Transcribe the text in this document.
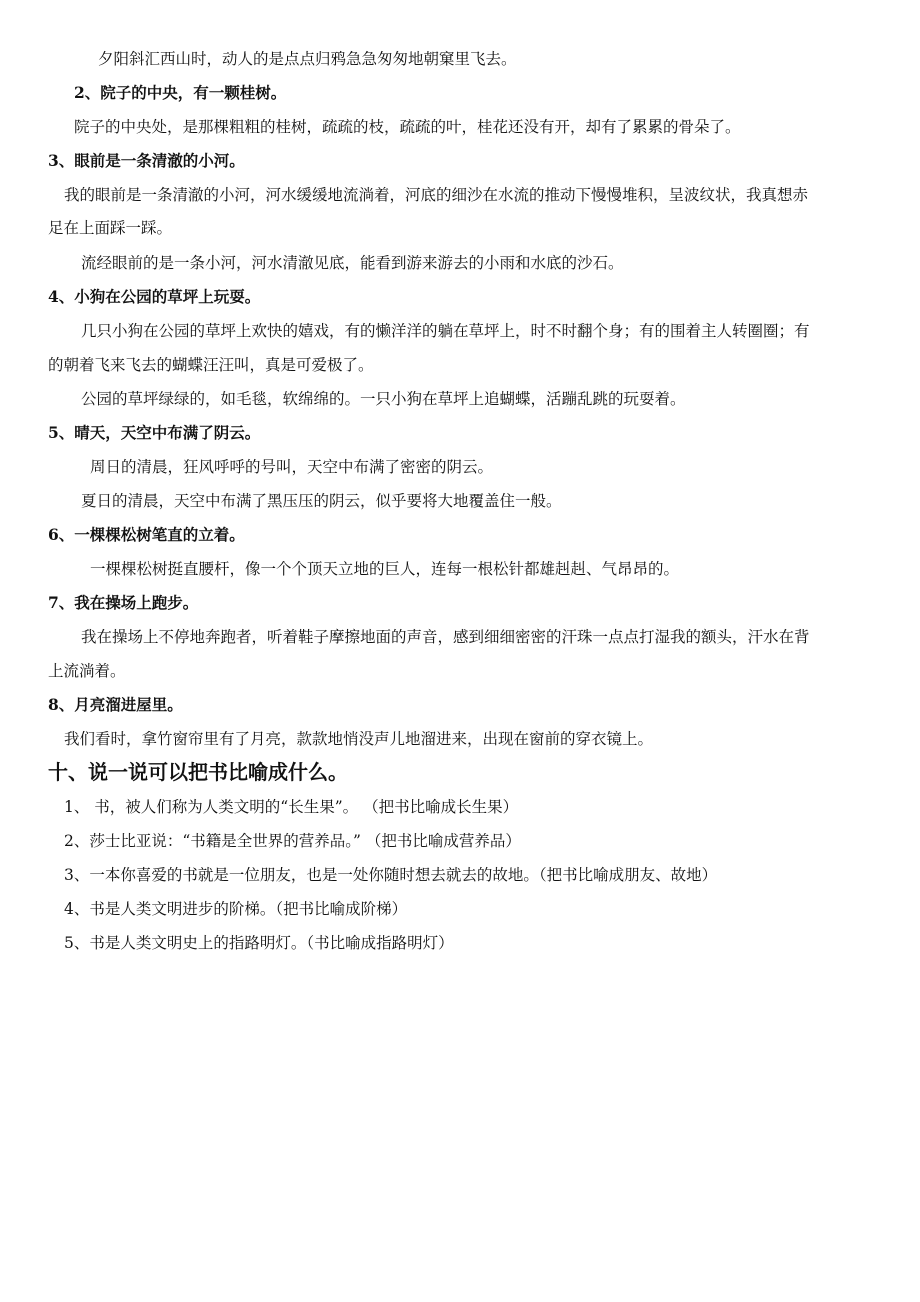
夕阳斜汇西山时，动人的是点点归鸦急急匆匆地朝窠里飞去。
2、院子的中央，有一颗桂树。
院子的中央处，是那棵粗粗的桂树，疏疏的枝，疏疏的叶，桂花还没有开，却有了累累的骨朵了。
3、眼前是一条清澈的小河。
我的眼前是一条清澈的小河，河水缓缓地流淌着，河底的细沙在水流的推动下慢慢堆积，呈波纹状，我真想赤
足在上面踩一踩。
流经眼前的是一条小河，河水清澈见底，能看到游来游去的小雨和水底的沙石。
4、小狗在公园的草坪上玩耍。
几只小狗在公园的草坪上欢快的嬉戏，有的懒洋洋的躺在草坪上，时不时翻个身；有的围着主人转圈圈；有
的朝着飞来飞去的蝴蝶汪汪叫，真是可爱极了。
公园的草坪绿绿的，如毛毯，软绵绵的。一只小狗在草坪上追蝴蝶，活蹦乱跳的玩耍着。
5、晴天，天空中布满了阴云。
周日的清晨，狂风呼呼的号叫，天空中布满了密密的阴云。
夏日的清晨，天空中布满了黑压压的阴云，似乎要将大地覆盖住一般。
6、一棵棵松树笔直的立着。
一棵棵松树挺直腰杆，像一个个顶天立地的巨人，连每一根松针都雄赳赳、气昂昂的。
7、我在操场上跑步。
我在操场上不停地奔跑者，听着鞋子摩擦地面的声音，感到细细密密的汗珠一点点打湿我的额头，汗水在背
上流淌着。
8、月亮溜进屋里。
我们看时，拿竹窗帘里有了月亮，款款地悄没声儿地溜进来，出现在窗前的穿衣镜上。
十、说一说可以把书比喻成什么。
1、 书，被人们称为人类文明的“长生果”。 （把书比喻成长生果）
2、莎士比亚说：“书籍是全世界的营养品。” （把书比喻成营养品）
3、一本你喜爱的书就是一位朋友，也是一处你随时想去就去的故地。（把书比喻成朋友、故地）
4、书是人类文明进步的阶梯。（把书比喻成阶梯）
5、书是人类文明史上的指路明灯。（书比喻成指路明灯）
